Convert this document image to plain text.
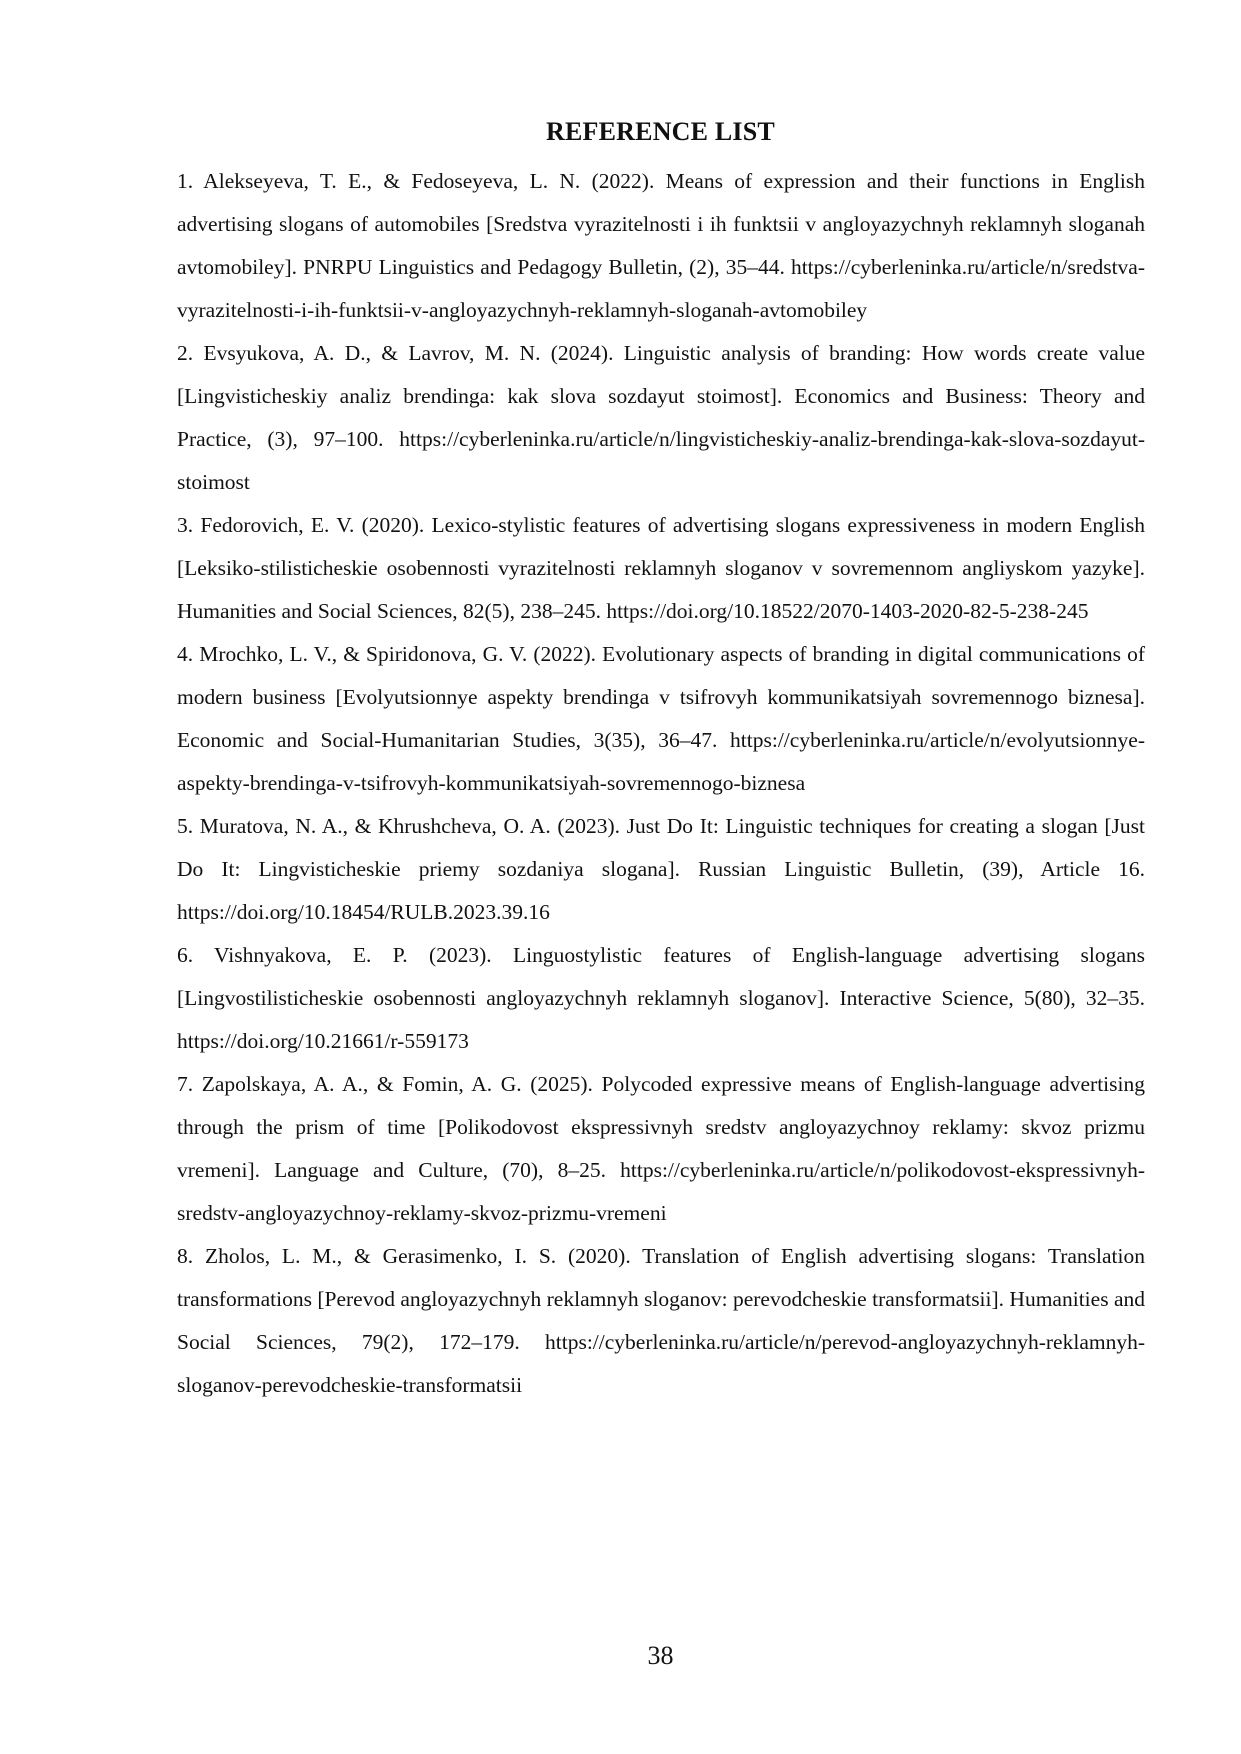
REFERENCE LIST
1. Alekseyeva, T. E., & Fedoseyeva, L. N. (2022). Means of expression and their functions in English advertising slogans of automobiles [Sredstva vyrazitelnosti i ih funktsii v angloyazychnyh reklamnyh sloganah avtomobiley]. PNRPU Linguistics and Pedagogy Bulletin, (2), 35–44. https://cyberleninka.ru/article/n/sredstva-vyrazitelnosti-i-ih-funktsii-v-angloyazychnyh-reklamnyh-sloganah-avtomobiley
2. Evsyukova, A. D., & Lavrov, M. N. (2024). Linguistic analysis of branding: How words create value [Lingvisticheskiy analiz brendinga: kak slova sozdayut stoimost]. Economics and Business: Theory and Practice, (3), 97–100. https://cyberleninka.ru/article/n/lingvisticheskiy-analiz-brendinga-kak-slova-sozdayut-stoimost
3. Fedorovich, E. V. (2020). Lexico-stylistic features of advertising slogans expressiveness in modern English [Leksiko-stilisticheskie osobennosti vyrazitelnosti reklamnyh sloganov v sovremennom angliyskom yazyke]. Humanities and Social Sciences, 82(5), 238–245. https://doi.org/10.18522/2070-1403-2020-82-5-238-245
4. Mrochko, L. V., & Spiridonova, G. V. (2022). Evolutionary aspects of branding in digital communications of modern business [Evolyutsionnye aspekty brendinga v tsifrovyh kommunikatsiyah sovremennogo biznesa]. Economic and Social-Humanitarian Studies, 3(35), 36–47. https://cyberleninka.ru/article/n/evolyutsionnye-aspekty-brendinga-v-tsifrovyh-kommunikatsiyah-sovremennogo-biznesa
5. Muratova, N. A., & Khrushcheva, O. A. (2023). Just Do It: Linguistic techniques for creating a slogan [Just Do It: Lingvisticheskie priemy sozdaniya slogana]. Russian Linguistic Bulletin, (39), Article 16. https://doi.org/10.18454/RULB.2023.39.16
6. Vishnyakova, E. P. (2023). Linguostylistic features of English-language advertising slogans [Lingvostilisticheskie osobennosti angloyazychnyh reklamnyh sloganov]. Interactive Science, 5(80), 32–35. https://doi.org/10.21661/r-559173
7. Zapolskaya, A. A., & Fomin, A. G. (2025). Polycoded expressive means of English-language advertising through the prism of time [Polikodovost ekspressivnyh sredstv angloyazychnoy reklamy: skvoz prizmu vremeni]. Language and Culture, (70), 8–25. https://cyberleninka.ru/article/n/polikodovost-ekspressivnyh-sredstv-angloyazychnoy-reklamy-skvoz-prizmu-vremeni
8. Zholos, L. M., & Gerasimenko, I. S. (2020). Translation of English advertising slogans: Translation transformations [Perevod angloyazychnyh reklamnyh sloganov: perevodcheskie transformatsii]. Humanities and Social Sciences, 79(2), 172–179. https://cyberleninka.ru/article/n/perevod-angloyazychnyh-reklamnyh-sloganov-perevodcheskie-transformatsii
38
